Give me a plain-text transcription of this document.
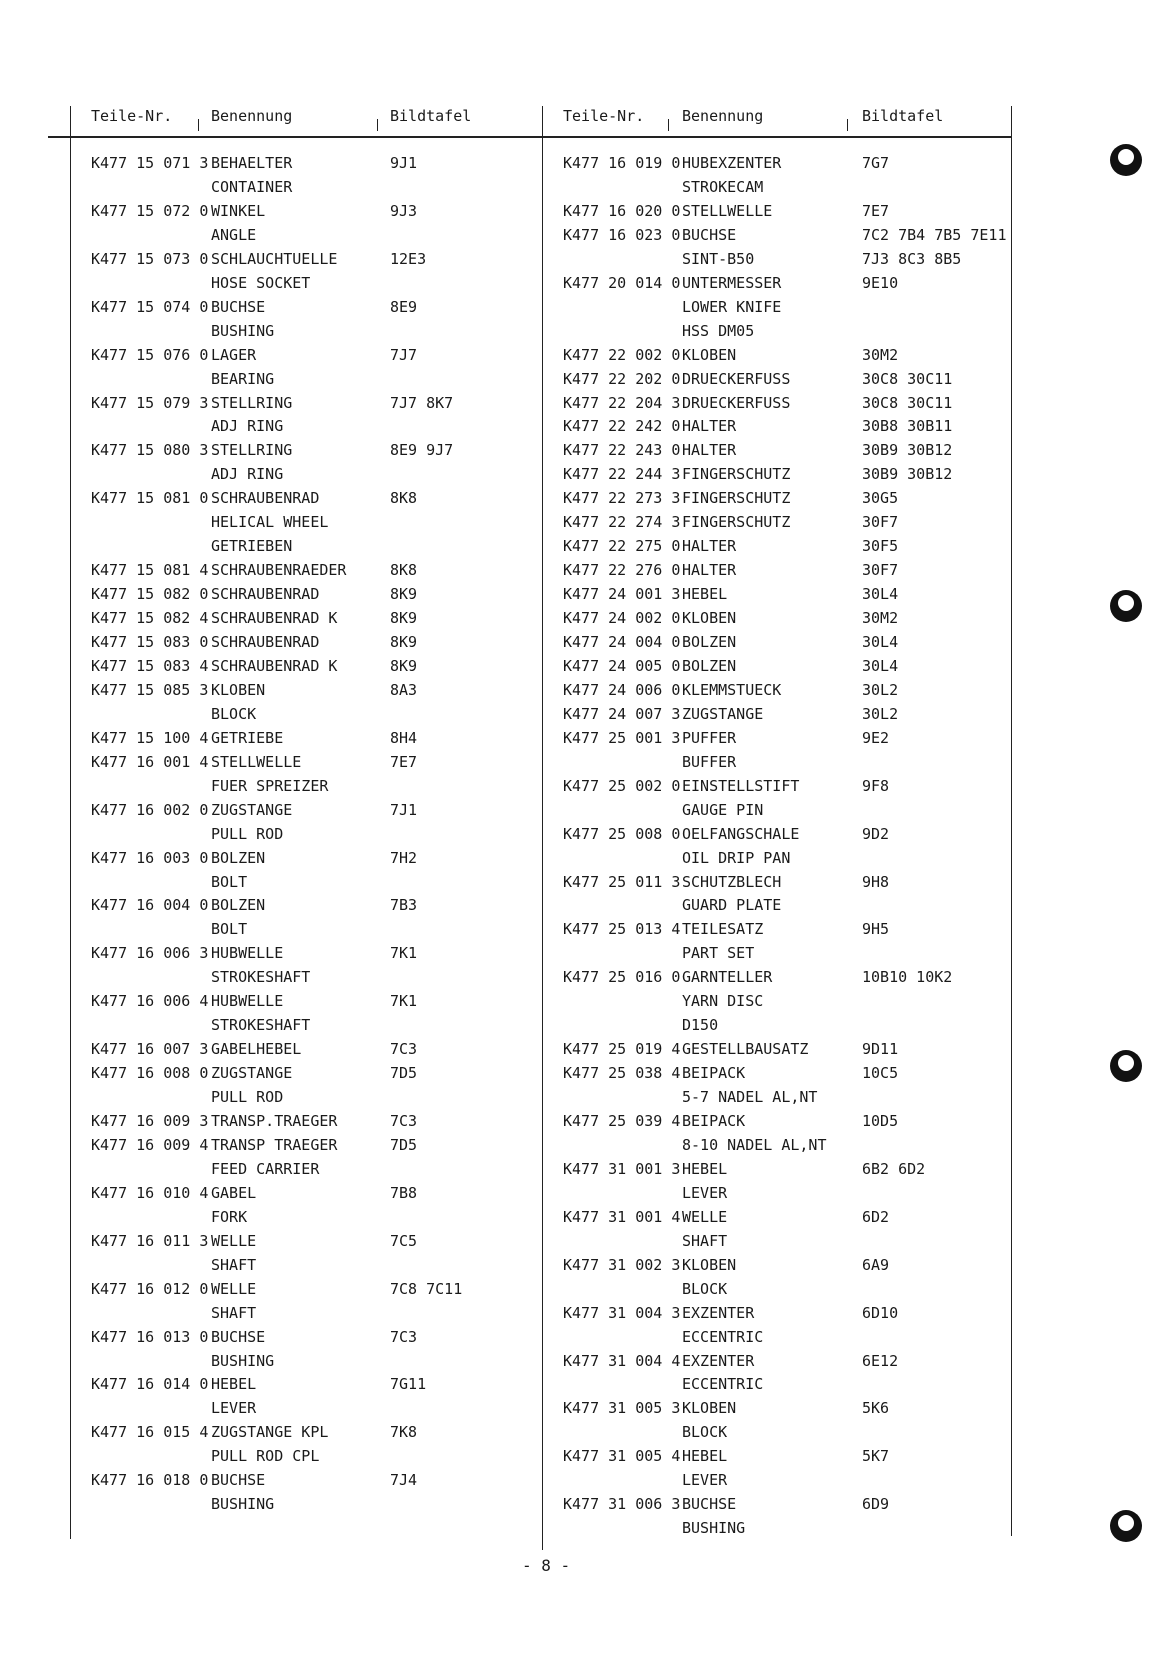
Teile-Nr.	Benennung	Bildtafel	Teile-Nr.	Benennung	Bildtafel
K477 15 071 3 BEHAELTER	9J1
CONTAINER
K477 15 072 0 WINKEL	9J3
ANGLE
K477 15 073 0 SCHLAUCHTUELLE	12E3
HOSE SOCKET
K477 15 074 0 BUCHSE	8E9
BUSHING
K477 15 076 0 LAGER	7J7
BEARING
K477 15 079 3 STELLRING	7J7 8K7
ADJ RING
K477 15 080 3 STELLRING	8E9 9J7
ADJ RING
K477 15 081 0 SCHRAUBENRAD	8K8
HELICAL WHEEL
GETRIEBEN
K477 15 081 4 SCHRAUBENRAEDER	8K8
K477 15 082 0 SCHRAUBENRAD	8K9
K477 15 082 4 SCHRAUBENRAD K	8K9
K477 15 083 0 SCHRAUBENRAD	8K9
K477 15 083 4 SCHRAUBENRAD K	8K9
K477 15 085 3 KLOBEN	8A3
BLOCK
K477 15 100 4 GETRIEBE	8H4
K477 16 001 4 STELLWELLE	7E7
FUER SPREIZER
K477 16 002 0 ZUGSTANGE	7J1
PULL ROD
K477 16 003 0 BOLZEN	7H2
BOLT
K477 16 004 0 BOLZEN	7B3
BOLT
K477 16 006 3 HUBWELLE	7K1
STROKESHAFT
K477 16 006 4 HUBWELLE	7K1
STROKESHAFT
K477 16 007 3 GABELHEBEL	7C3
K477 16 008 0 ZUGSTANGE	7D5
PULL ROD
K477 16 009 3 TRANSP.TRAEGER	7C3
K477 16 009 4 TRANSP TRAEGER	7D5
FEED CARRIER
K477 16 010 4 GABEL	7B8
FORK
K477 16 011 3 WELLE	7C5
SHAFT
K477 16 012 0 WELLE	7C8 7C11
SHAFT
K477 16 013 0 BUCHSE	7C3
BUSHING
K477 16 014 0 HEBEL	7G11
LEVER
K477 16 015 4 ZUGSTANGE KPL	7K8
PULL ROD CPL
K477 16 018 0 BUCHSE	7J4
BUSHING
K477 16 019 0 HUBEXZENTER	7G7
STROKECAM
K477 16 020 0 STELLWELLE	7E7
K477 16 023 0 BUCHSE	7C2 7B4 7B5 7E11
SINT-B50	7J3 8C3 8B5
K477 20 014 0 UNTERMESSER	9E10
LOWER KNIFE
HSS DM05
K477 22 002 0 KLOBEN	30M2
K477 22 202 0 DRUECKERFUSS	30C8 30C11
K477 22 204 3 DRUECKERFUSS	30C8 30C11
K477 22 242 0 HALTER	30B8 30B11
K477 22 243 0 HALTER	30B9 30B12
K477 22 244 3 FINGERSCHUTZ	30B9 30B12
K477 22 273 3 FINGERSCHUTZ	30G5
K477 22 274 3 FINGERSCHUTZ	30F7
K477 22 275 0 HALTER	30F5
K477 22 276 0 HALTER	30F7
K477 24 001 3 HEBEL	30L4
K477 24 002 0 KLOBEN	30M2
K477 24 004 0 BOLZEN	30L4
K477 24 005 0 BOLZEN	30L4
K477 24 006 0 KLEMMSTUECK	30L2
K477 24 007 3 ZUGSTANGE	30L2
K477 25 001 3 PUFFER	9E2
BUFFER
K477 25 002 0 EINSTELLSTIFT	9F8
GAUGE PIN
K477 25 008 0 OELFANGSCHALE	9D2
OIL DRIP PAN
K477 25 011 3 SCHUTZBLECH	9H8
GUARD PLATE
K477 25 013 4 TEILESATZ	9H5
PART SET
K477 25 016 0 GARNTELLER	10B10 10K2
YARN DISC
D150
K477 25 019 4 GESTELLBAUSATZ	9D11
K477 25 038 4 BEIPACK	10C5
5-7 NADEL AL,NT
K477 25 039 4 BEIPACK	10D5
8-10 NADEL AL,NT
K477 31 001 3 HEBEL	6B2 6D2
LEVER
K477 31 001 4 WELLE	6D2
SHAFT
K477 31 002 3 KLOBEN	6A9
BLOCK
K477 31 004 3 EXZENTER	6D10
ECCENTRIC
K477 31 004 4 EXZENTER	6E12
ECCENTRIC
K477 31 005 3 KLOBEN	5K6
BLOCK
K477 31 005 4 HEBEL	5K7
LEVER
K477 31 006 3 BUCHSE	6D9
BUSHING
- 8 -
